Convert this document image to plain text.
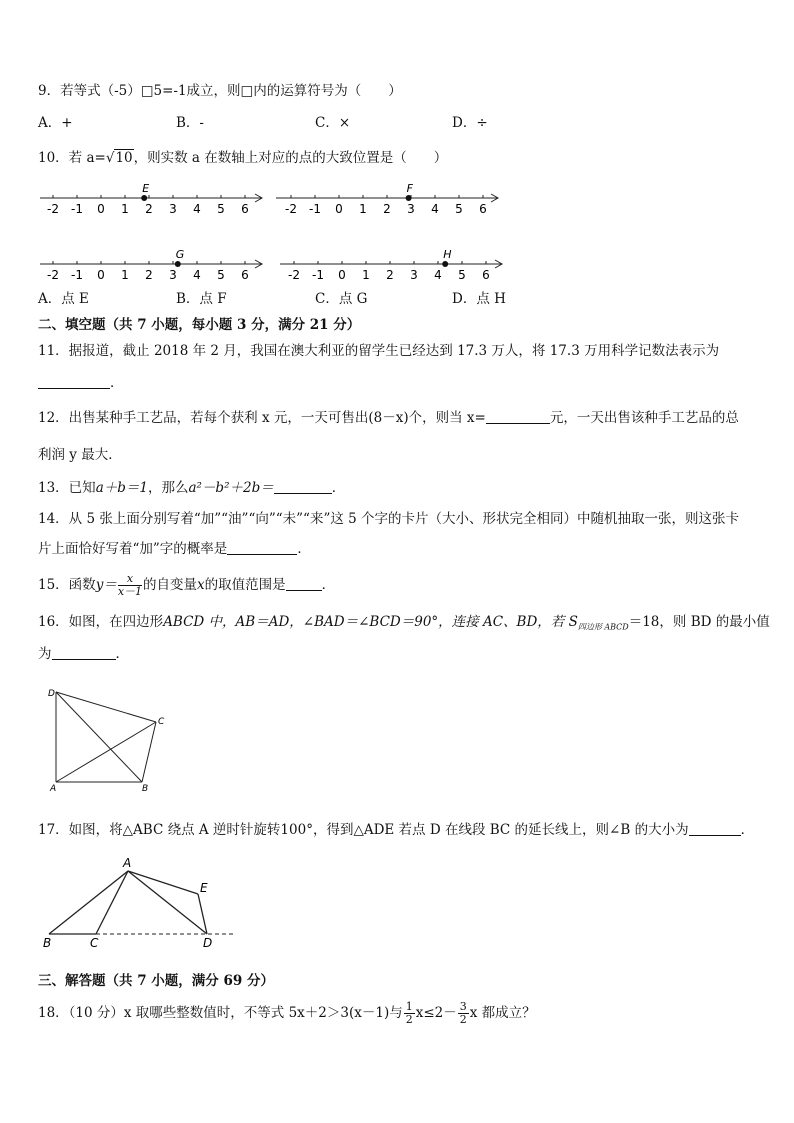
9．若等式（-5）□5=-1成立，则□内的运算符号为（　　）
A．+	B．-	C．×	D．÷
10．若 a=√10，则实数 a 在数轴上对应的点的大致位置是（　　）
-2 -1 0 1 2 3 4 5 6
E
-2 -1 0 1 2 3 4 5 6
F
-2 -1 0 1 2 3 4 5 6
G
-2 -1 0 1 2 3 4 5 6
H
A．点 E	B．点 F	C．点 G	D．点 H
二、填空题（共 7 小题，每小题 3 分，满分 21 分）
11．据报道，截止 2018 年 2 月，我国在澳大利亚的留学生已经达到 17.3 万人，将 17.3 万用科学记数法表示为
．
12．出售某种手工艺品，若每个获利 x 元，一天可售出(8－x)个，则当 x=	元，一天出售该种手工艺品的总
利润 y 最大．
13．已知a＋b＝1，那么a²－b²＋2b＝	．
14．从 5 张上面分别写着“加”“油”“向”“未”“来”这 5 个字的卡片（大小、形状完全相同）中随机抽取一张，则这张卡
片上面恰好写着“加”字的概率是	．
15．函数$y= \frac{x}{x-1}$ 的自变量x的取值范围是	．
16．如图，在四边形ABCD 中，AB＝AD，∠BAD＝∠BCD＝90°，连接 AC、BD，若 $S_{四边形 ABCD}=18$，则 BD 的最小值
为	．
D
C
A	B
17．如图，将△ABC 绕点 A 逆时针旋转100°，得到△ADE 若点 D 在线段 BC 的延长线上，则∠B 的大小为	．
A
E
B	C	D
三、解答题（共 7 小题，满分 69 分）
18．（10 分）x 取哪些整数值时，不等式 5x＋2＞3(x－1)与 $\frac{1}{2} x\le 2- \frac{3}{2}$ x 都成立？
